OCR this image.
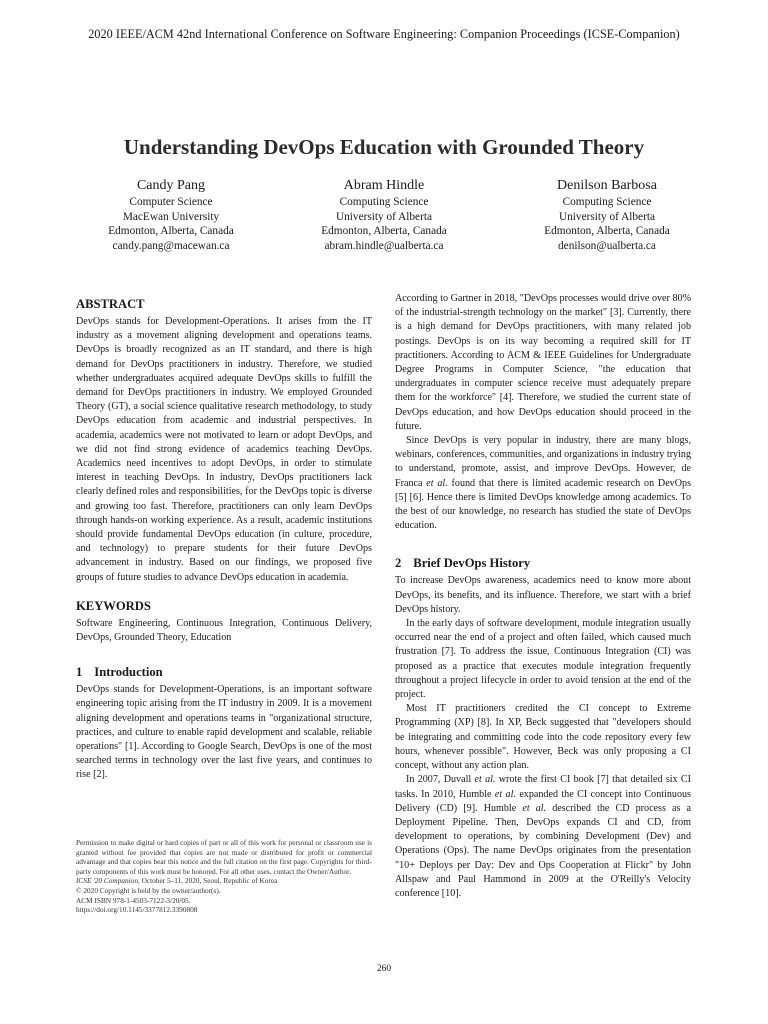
2020 IEEE/ACM 42nd International Conference on Software Engineering: Companion Proceedings (ICSE-Companion)
Understanding DevOps Education with Grounded Theory
Candy Pang
Computer Science
MacEwan University
Edmonton, Alberta, Canada
candy.pang@macewan.ca
Abram Hindle
Computing Science
University of Alberta
Edmonton, Alberta, Canada
abram.hindle@ualberta.ca
Denilson Barbosa
Computing Science
University of Alberta
Edmonton, Alberta, Canada
denilson@ualberta.ca
ABSTRACT

DevOps stands for Development-Operations. It arises from the IT industry as a movement aligning development and operations teams. DevOps is broadly recognized as an IT standard, and there is high demand for DevOps practitioners in industry. Therefore, we studied whether undergraduates acquired adequate DevOps skills to fulfill the demand for DevOps practitioners in industry. We employed Grounded Theory (GT), a social science qualitative research methodology, to study DevOps education from academic and industrial perspectives. In academia, academics were not motivated to learn or adopt DevOps, and we did not find strong evidence of academics teaching DevOps. Academics need incentives to adopt DevOps, in order to stimulate interest in teaching DevOps. In industry, DevOps practitioners lack clearly defined roles and responsibilities, for the DevOps topic is diverse and growing too fast. Therefore, practitioners can only learn DevOps through hands-on working experience. As a result, academic institutions should provide fundamental DevOps education (in culture, procedure, and technology) to prepare students for their future DevOps advancement in industry. Based on our findings, we proposed five groups of future studies to advance DevOps education in academia.

KEYWORDS

Software Engineering, Continuous Integration, Continuous Delivery, DevOps, Grounded Theory, Education

1 Introduction

DevOps stands for Development-Operations, is an important software engineering topic arising from the IT industry in 2009. It is a movement aligning development and operations teams in "organizational structure, practices, and culture to enable rapid development and scalable, reliable operations" [1]. According to Google Search, DevOps is one of the most searched terms in technology over the last five years, and continues to rise [2].

Permission to make digital or hard copies of part or all of this work for personal or classroom use is granted without fee provided that copies are not made or distributed for profit or commercial advantage and that copies bear this notice and the full citation on the first page. Copyrights for third-party components of this work must be honored. For all other uses, contact the Owner/Author.
ICSE '20 Companion, October 5–11, 2020, Seoul, Republic of Korea
© 2020 Copyright is held by the owner/author(s).
ACM ISBN 978-1-4503-7122-3/20/05.
https://doi.org/10.1145/3377812.3390808

According to Gartner in 2018, "DevOps processes would drive over 80% of the industrial-strength technology on the market" [3]. Currently, there is a high demand for DevOps practitioners, with many related job postings. DevOps is on its way becoming a required skill for IT practitioners. According to ACM & IEEE Guidelines for Undergraduate Degree Programs in Computer Science, "the education that undergraduates in computer science receive must adequately prepare them for the workforce" [4]. Therefore, we studied the current state of DevOps education, and how DevOps education should proceed in the future.

Since DevOps is very popular in industry, there are many blogs, webinars, conferences, communities, and organizations in industry trying to understand, promote, assist, and improve DevOps. However, de Franca et al. found that there is limited academic research on DevOps [5] [6]. Hence there is limited DevOps knowledge among academics. To the best of our knowledge, no research has studied the state of DevOps education.

2 Brief DevOps History

To increase DevOps awareness, academics need to know more about DevOps, its benefits, and its influence. Therefore, we start with a brief DevOps history.

In the early days of software development, module integration usually occurred near the end of a project and often failed, which caused much frustration [7]. To address the issue, Continuous Integration (CI) was proposed as a practice that executes module integration frequently throughout a project lifecycle in order to avoid tension at the end of the project.

Most IT practitioners credited the CI concept to Extreme Programming (XP) [8]. In XP, Beck suggested that "developers should be integrating and committing code into the code repository every few hours, whenever possible". However, Beck was only proposing a CI concept, without any action plan.

In 2007, Duvall et al. wrote the first CI book [7] that detailed six CI tasks. In 2010, Humble et al. expanded the CI concept into Continuous Delivery (CD) [9]. Humble et al. described the CD process as a Deployment Pipeline. Then, DevOps expands CI and CD, from development to operations, by combining Development (Dev) and Operations (Ops). The name DevOps originates from the presentation "10+ Deploys per Day: Dev and Ops Cooperation at Flickr" by John Allspaw and Paul Hammond in 2009 at the O'Reilly's Velocity conference [10].

260
